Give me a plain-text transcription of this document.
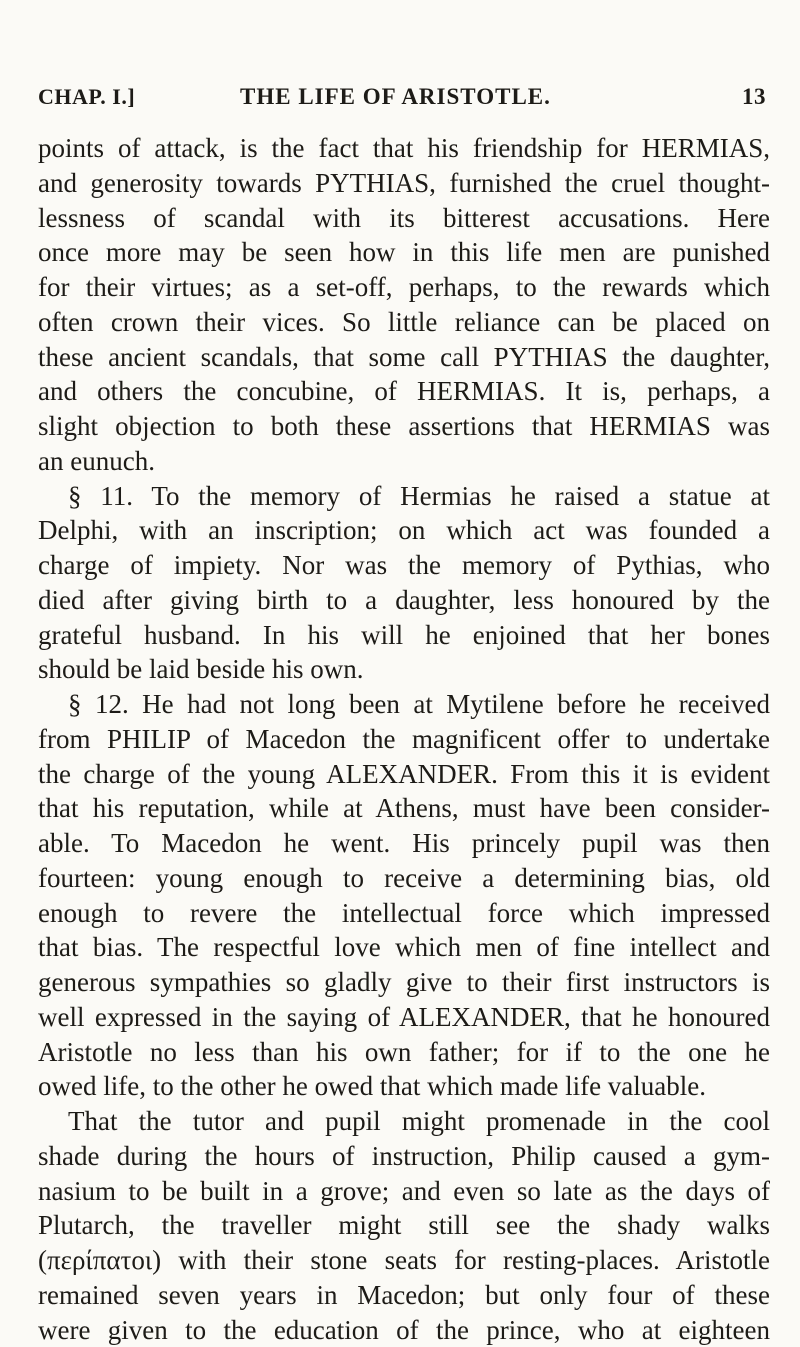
CHAP. I.]	THE LIFE OF ARISTOTLE.	13
points of attack, is the fact that his friendship for HERMIAS,
and generosity towards PYTHIAS, furnished the cruel thought-
lessness of scandal with its bitterest accusations. Here
once more may be seen how in this life men are punished
for their virtues; as a set-off, perhaps, to the rewards which
often crown their vices. So little reliance can be placed on
these ancient scandals, that some call PYTHIAS the daughter,
and others the concubine, of HERMIAS. It is, perhaps, a
slight objection to both these assertions that HERMIAS was
an eunuch.
§ 11. To the memory of Hermias he raised a statue at
Delphi, with an inscription; on which act was founded a
charge of impiety. Nor was the memory of Pythias, who
died after giving birth to a daughter, less honoured by the
grateful husband. In his will he enjoined that her bones
should be laid beside his own.
§ 12. He had not long been at Mytilene before he received
from PHILIP of Macedon the magnificent offer to undertake
the charge of the young ALEXANDER. From this it is evident
that his reputation, while at Athens, must have been consider-
able. To Macedon he went. His princely pupil was then
fourteen: young enough to receive a determining bias, old
enough to revere the intellectual force which impressed
that bias. The respectful love which men of fine intellect and
generous sympathies so gladly give to their first instructors is
well expressed in the saying of ALEXANDER, that he honoured
Aristotle no less than his own father; for if to the one he
owed life, to the other he owed that which made life valuable.
That the tutor and pupil might promenade in the cool
shade during the hours of instruction, Philip caused a gym-
nasium to be built in a grove; and even so late as the days of
Plutarch, the traveller might still see the shady walks
(περίπατοι) with their stone seats for resting-places. Aristotle
remained seven years in Macedon; but only four of these
were given to the education of the prince, who at eighteen
